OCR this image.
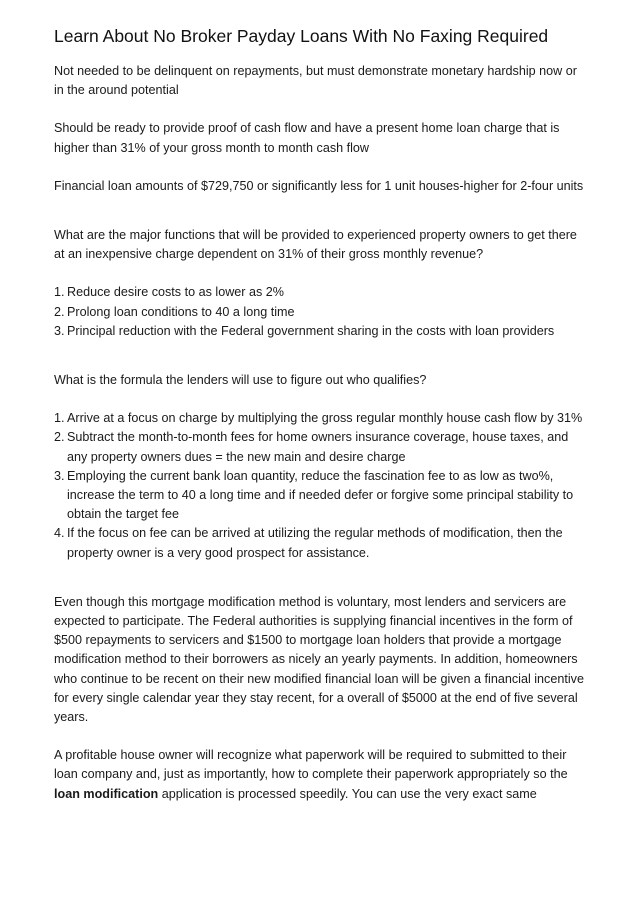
Learn About No Broker Payday Loans With No Faxing Required

Not needed to be delinquent on repayments, but must demonstrate monetary hardship now or in the around potential

Should be ready to provide proof of cash flow and have a present home loan charge that is higher than 31% of your gross month to month cash flow

Financial loan amounts of $729,750 or significantly less for 1 unit houses-higher for 2-four units

What are the major functions that will be provided to experienced property owners to get there at an inexpensive charge dependent on 31% of their gross monthly revenue?

1. Reduce desire costs to as lower as 2%
2. Prolong loan conditions to 40 a long time
3. Principal reduction with the Federal government sharing in the costs with loan providers

What is the formula the lenders will use to figure out who qualifies?

1. Arrive at a focus on charge by multiplying the gross regular monthly house cash flow by 31%
2. Subtract the month-to-month fees for home owners insurance coverage, house taxes, and any property owners dues = the new main and desire charge
3. Employing the current bank loan quantity, reduce the fascination fee to as low as two%, increase the term to 40 a long time and if needed defer or forgive some principal stability to obtain the target fee
4. If the focus on fee can be arrived at utilizing the regular methods of modification, then the property owner is a very good prospect for assistance.

Even though this mortgage modification method is voluntary, most lenders and servicers are expected to participate. The Federal authorities is supplying financial incentives in the form of $500 repayments to servicers and $1500 to mortgage loan holders that provide a mortgage modification method to their borrowers as nicely an yearly payments. In addition, homeowners who continue to be recent on their new modified financial loan will be given a financial incentive for every single calendar year they stay recent, for a overall of $5000 at the end of five several years.

A profitable house owner will recognize what paperwork will be required to submitted to their loan company and, just as importantly, how to complete their paperwork appropriately so the loan modification application is processed speedily. You can use the very exact same
